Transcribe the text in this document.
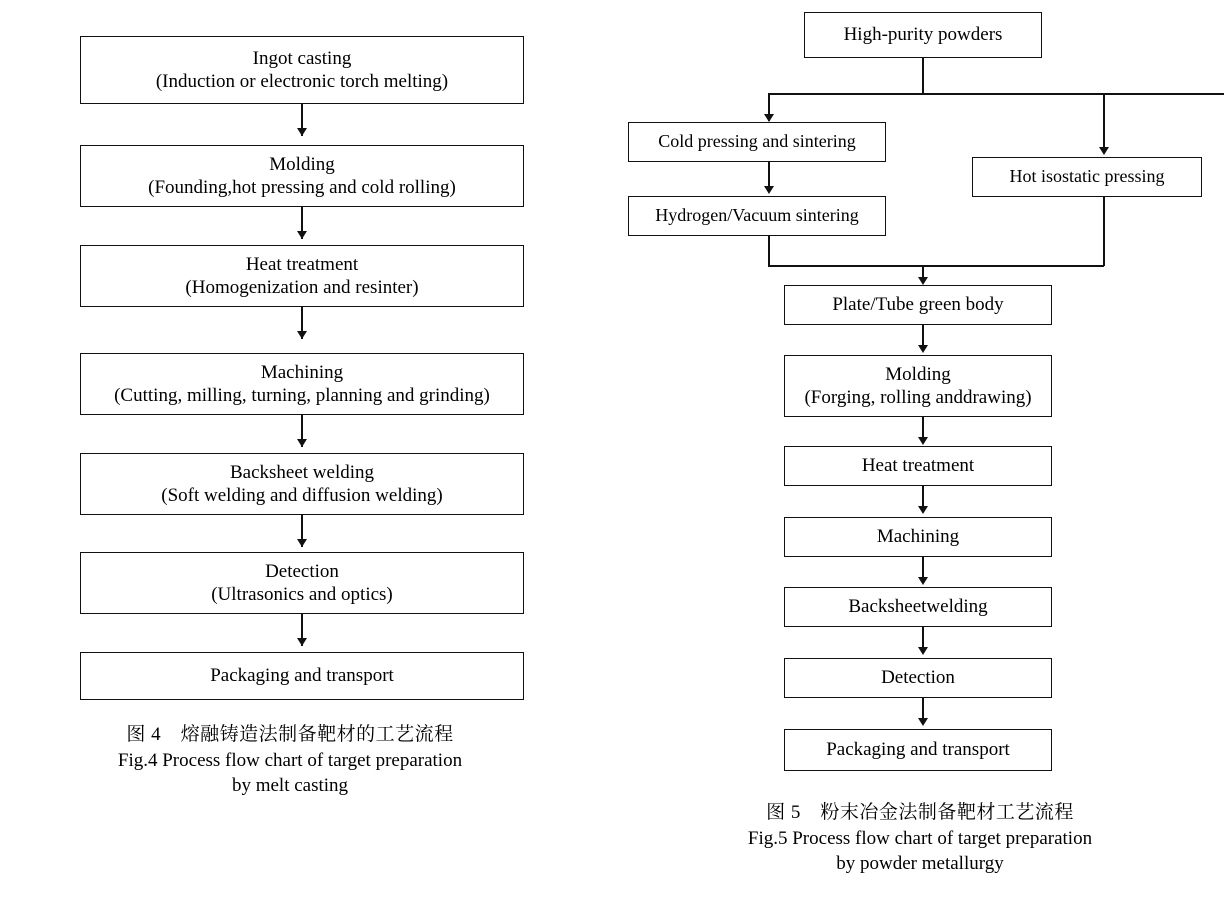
Ingot casting
(Induction or electronic torch melting)
Molding
(Founding,hot pressing and cold rolling)
Heat treatment
(Homogenization and resinter)
Machining
(Cutting, milling, turning, planning and grinding)
Backsheet welding
(Soft welding and diffusion welding)
Detection
(Ultrasonics and optics)
Packaging and transport
图 4　熔融铸造法制备靶材的工艺流程
Fig.4 Process flow chart of target preparation
by melt casting
High-purity powders
Cold pressing and sintering
Hot isostatic pressing
Hydrogen/Vacuum sintering
Plate/Tube green body
Molding
(Forging, rolling anddrawing)
Heat treatment
Machining
Backsheetwelding
Detection
Packaging and transport
图 5　粉末冶金法制备靶材工艺流程
Fig.5 Process flow chart of target preparation
by powder metallurgy
